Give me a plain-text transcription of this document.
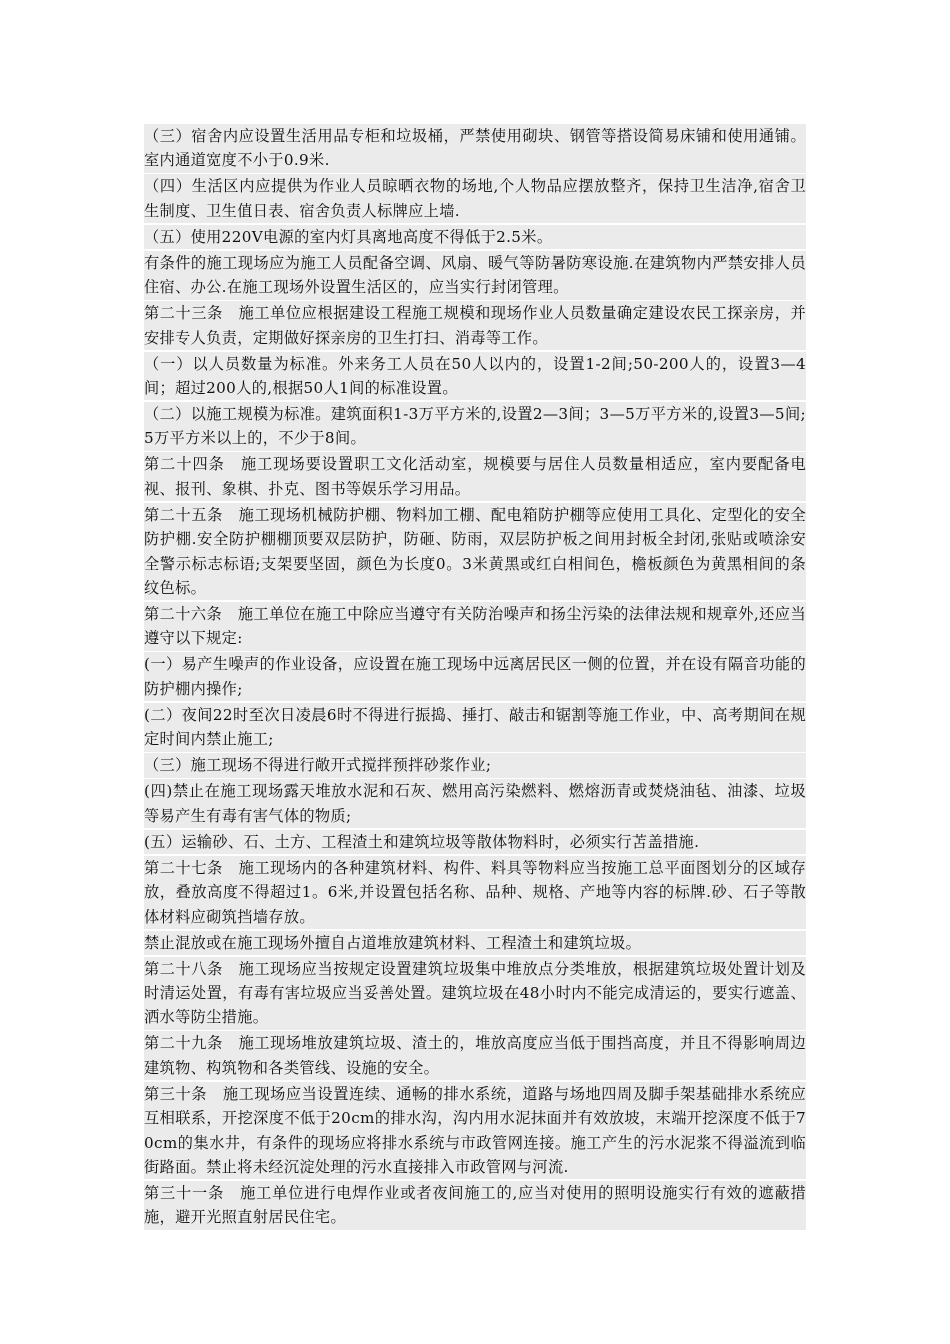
（三）宿舍内应设置生活用品专柜和垃圾桶，严禁使用砌块、钢管等搭设简易床铺和使用通铺。室内通道宽度不小于0.9米.

（四）生活区内应提供为作业人员晾晒衣物的场地,个人物品应摆放整齐，保持卫生洁净,宿舍卫生制度、卫生值日表、宿舍负责人标牌应上墙.

（五）使用220V电源的室内灯具离地高度不得低于2.5米。

有条件的施工现场应为施工人员配备空调、风扇、暖气等防暑防寒设施.在建筑物内严禁安排人员住宿、办公.在施工现场外设置生活区的，应当实行封闭管理。

第二十三条　施工单位应根据建设工程施工规模和现场作业人员数量确定建设农民工探亲房，并安排专人负责，定期做好探亲房的卫生打扫、消毒等工作。

（一）以人员数量为标准。外来务工人员在50人以内的，设置1-2间;50-200人的，设置3—4间；超过200人的,根据50人1间的标准设置。

（二）以施工规模为标准。建筑面积1-3万平方米的,设置2—3间；3—5万平方米的,设置3—5间;5万平方米以上的，不少于8间。

第二十四条　施工现场要设置职工文化活动室，规模要与居住人员数量相适应，室内要配备电视、报刊、象棋、扑克、图书等娱乐学习用品。

第二十五条　施工现场机械防护棚、物料加工棚、配电箱防护棚等应使用工具化、定型化的安全防护棚.安全防护棚棚顶要双层防护，防砸、防雨，双层防护板之间用封板全封闭,张贴或喷涂安全警示标志标语;支架要坚固，颜色为长度0。3米黄黑或红白相间色，檐板颜色为黄黑相间的条纹色标。

第二十六条　施工单位在施工中除应当遵守有关防治噪声和扬尘污染的法律法规和规章外,还应当遵守以下规定:

(一）易产生噪声的作业设备，应设置在施工现场中远离居民区一侧的位置，并在设有隔音功能的防护棚内操作;

(二）夜间22时至次日凌晨6时不得进行振捣、捶打、敲击和锯割等施工作业，中、高考期间在规定时间内禁止施工;

（三）施工现场不得进行敞开式搅拌预拌砂浆作业;

(四)禁止在施工现场露天堆放水泥和石灰、燃用高污染燃料、燃熔沥青或焚烧油毡、油漆、垃圾等易产生有毒有害气体的物质;

(五）运输砂、石、土方、工程渣土和建筑垃圾等散体物料时，必须实行苫盖措施.

第二十七条　施工现场内的各种建筑材料、构件、料具等物料应当按施工总平面图划分的区域存放，叠放高度不得超过1。6米,并设置包括名称、品种、规格、产地等内容的标牌.砂、石子等散体材料应砌筑挡墙存放。

禁止混放或在施工现场外擅自占道堆放建筑材料、工程渣土和建筑垃圾。

第二十八条　施工现场应当按规定设置建筑垃圾集中堆放点分类堆放，根据建筑垃圾处置计划及时清运处置，有毒有害垃圾应当妥善处置。建筑垃圾在48小时内不能完成清运的，要实行遮盖、洒水等防尘措施。

第二十九条　施工现场堆放建筑垃圾、渣土的，堆放高度应当低于围挡高度，并且不得影响周边建筑物、构筑物和各类管线、设施的安全。

第三十条　施工现场应当设置连续、通畅的排水系统，道路与场地四周及脚手架基础排水系统应互相联系，开挖深度不低于20cm的排水沟，沟内用水泥抹面并有效放坡，末端开挖深度不低于70cm的集水井，有条件的现场应将排水系统与市政管网连接。施工产生的污水泥浆不得溢流到临街路面。禁止将未经沉淀处理的污水直接排入市政管网与河流.

第三十一条　施工单位进行电焊作业或者夜间施工的,应当对使用的照明设施实行有效的遮蔽措施，避开光照直射居民住宅。
